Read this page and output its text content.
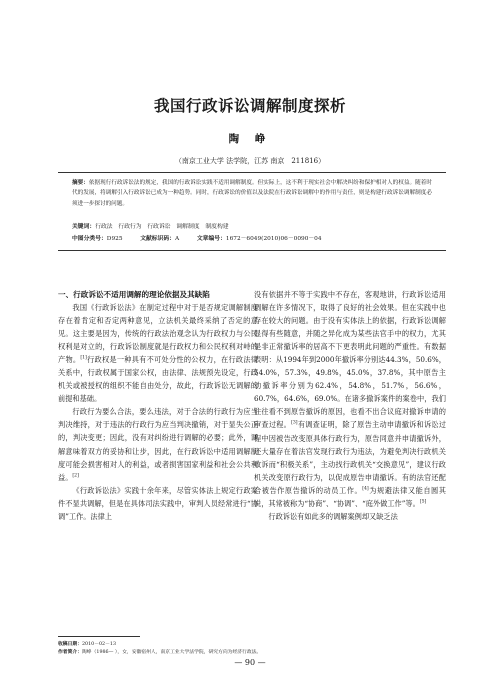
我国行政诉讼调解制度探析
陶 峥
（南京工业大学 法学院，江苏 南京　211816）
摘要：依据现行行政诉讼法的规定，我国的行政诉讼实践不适用调解制度。但实际上，这不利于现实社会中解决纠纷和保护相对人的权益。随着时代的发展，将调解引入行政诉讼已成为一种趋势。同时，行政诉讼的价值以及法院在行政诉讼调解中的作用与责任，则是构建行政诉讼调解制度必须进一步探讨的问题。
关键词：行政法　行政行为　行政诉讼　调解制度　制度构建
中图分类号：D925	文献标识码：A	文章编号：1672－6049(2010)06－0090－04
一、行政诉讼不适用调解的理论依据及其缺陷

我国《行政诉讼法》在制定过程中对于是否规定调解制度存在着肯定和否定两种意见，立法机关最终采纳了否定的意见。这主要是因为，传统的行政法治观念认为行政权力与公民权利是对立的，行政诉讼制度就是行政权力和公民权利对峙的产物。[1]行政权是一种具有不可处分性的公权力，在行政法律关系中，行政权属于国家公权，由法律、法规预先设定，行政机关或被授权的组织不能自由处分，故此，行政诉讼无调解的前提和基础。

行政行为要么合法，要么违法，对于合法的行政行为应当判决维持，对于违法的行政行为应当判决撤销，对于显失公正的，判决变更；因此，没有对纠纷进行调解的必要；此外，调解意味着双方的妥协和让步，因此，在行政诉讼中适用调解制度可能会损害相对人的利益，或者损害国家利益和社会公共利益。[2]

《行政诉讼法》实践十余年来，尽管实体法上规定行政案件不显共调解，但是在具体司法实践中，审判人员经常进行“协调”工作。法律上

没有依据并不等于实践中不存在，客观地讲，行政诉讼适用调解在许多情况下，取得了良好的社会效果。但在实践中也存在较大的问题。由于没有实体法上的依据，行政诉讼调解显得有些随意，并随之异化成为某些法官手中的权力，尤其是非正常撤诉率的居高不下更表明此问题的严重性。有数据表明：从1994年到2000年撤诉率分别达44.3%，50.6%，54.0%，57.3%，49.8%，45.0%，37.8%，其中原告主动撤诉率分别为62.4%，54.8%，51.7%，56.6%，60.7%，64.6%，69.0%。在诸多撤诉案件的案卷中，我们往往看不到原告撤诉的原因，也看不出合议庭对撤诉申请的审查过程。[3]有调查证明，除了原告主动申请撤诉和诉讼过程中因被告改变原具体行政行为，原告同意并申请撤诉外，还大量存在着法官发现行政行为违法，为避免判决行政机关败诉而“积极关系”，主动找行政机关“交换意见”，建议行政机关改变原行政行为，以促成原告申请撤诉。有的法官还配合被告作原告撤诉的动员工作。[4]为规避法律又能自圆其说，其常被称为“协商”、“协调”、“庭外做工作”等。[5]

行政诉讼有如此多的调解案例却又缺乏法

收稿日期：2010－02－13
作者简介：陶峥（1986— ），女，安徽宿州人，南京工业大学法学院，研究方向为经济行政法。
— 90 —
